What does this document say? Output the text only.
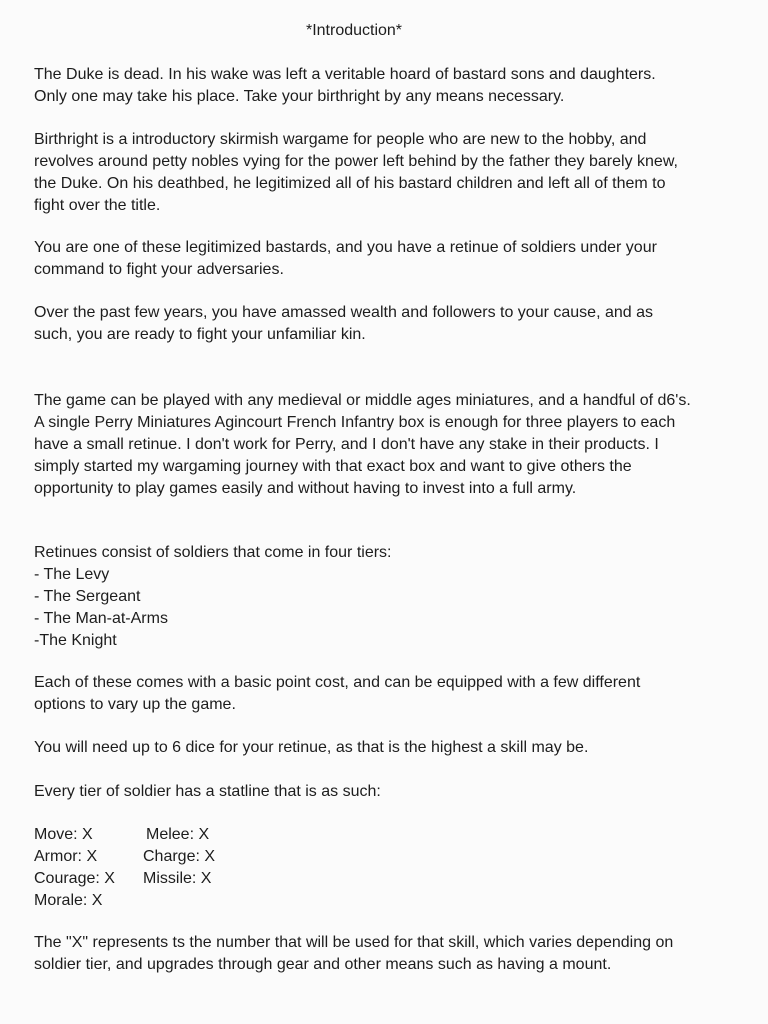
*Introduction*

The Duke is dead. In his wake was left a veritable hoard of bastard sons and daughters.
Only one may take his place. Take your birthright by any means necessary.

Birthright is a introductory skirmish wargame for people who are new to the hobby, and
revolves around petty nobles vying for the power left behind by the father they barely knew,
the Duke. On his deathbed, he legitimized all of his bastard children and left all of them to
fight over the title.

You are one of these legitimized bastards, and you have a retinue of soldiers under your
command to fight your adversaries.

Over the past few years, you have amassed wealth and followers to your cause, and as
such, you are ready to fight your unfamiliar kin.

The game can be played with any medieval or middle ages miniatures, and a handful of d6's.
A single Perry Miniatures Agincourt French Infantry box is enough for three players to each
have a small retinue. I don't work for Perry, and I don't have any stake in their products. I
simply started my wargaming journey with that exact box and want to give others the
opportunity to play games easily and without having to invest into a full army.

Retinues consist of soldiers that come in four tiers:
- The Levy
- The Sergeant
- The Man-at-Arms
-The Knight

Each of these comes with a basic point cost, and can be equipped with a few different
options to vary up the game.

You will need up to 6 dice for your retinue, as that is the highest a skill may be.

Every tier of soldier has a statline that is as such:

Move: X	Melee: X
Armor: X	Charge: X
Courage: X	Missile: X
Morale: X

The "X" represents ts the number that will be used for that skill, which varies depending on
soldier tier, and upgrades through gear and other means such as having a mount.
